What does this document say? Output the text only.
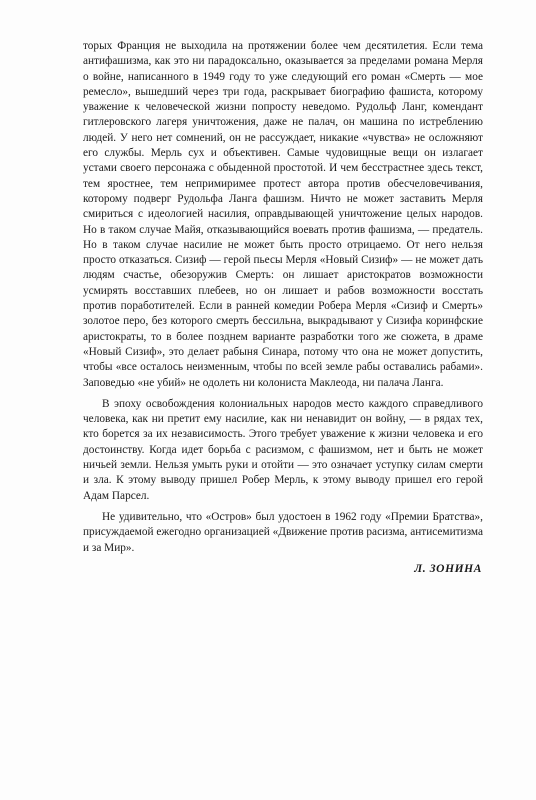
торых Франция не выходила на протяжении более чем десятилетия. Если тема антифашизма, как это ни парадоксально, оказывается за пределами романа Мерля о войне, написанного в 1949 году то уже следующий его роман «Смерть — мое ремесло», вышедший через три года, раскрывает биографию фашиста, которому уважение к человеческой жизни попросту неведомо. Рудольф Ланг, комендант гитлеровского лагеря уничтожения, даже не палач, он машина по истреблению людей. У него нет сомнений, он не рассуждает, никакие «чувства» не осложняют его службы. Мерль сух и объективен. Самые чудовищные вещи он излагает устами своего персонажа с обыденной простотой. И чем бесстрастнее здесь текст, тем яростнее, тем непримиримее протест автора против обесчеловечивания, которому подверг Рудольфа Ланга фашизм. Ничто не может заставить Мерля смириться с идеологией насилия, оправдывающей уничтожение целых народов. Но в таком случае Майя, отказывающийся воевать против фашизма, — предатель. Но в таком случае насилие не может быть просто отрицаемо. От него нельзя просто отказаться. Сизиф — герой пьесы Мерля «Новый Сизиф» — не может дать людям счастье, обезоружив Смерть: он лишает аристократов возможности усмирять восставших плебеев, но он лишает и рабов возможности восстать против поработителей. Если в ранней комедии Робера Мерля «Сизиф и Смерть» золотое перо, без которого смерть бессильна, выкрадывают у Сизифа коринфские аристократы, то в более позднем варианте разработки того же сюжета, в драме «Новый Сизиф», это делает рабыня Синара, потому что она не может допустить, чтобы «все осталось неизменным, чтобы по всей земле рабы оставались рабами». Заповедью «не убий» не одолеть ни колониста Маклеода, ни палача Ланга.

В эпоху освобождения колониальных народов место каждого справедливого человека, как ни претит ему насилие, как ни ненавидит он войну, — в рядах тех, кто борется за их независимость. Этого требует уважение к жизни человека и его достоинству. Когда идет борьба с расизмом, с фашизмом, нет и быть не может ничьей земли. Нельзя умыть руки и отойти — это означает уступку силам смерти и зла. К этому выводу пришел Робер Мерль, к этому выводу пришел его герой Адам Парсел.

Не удивительно, что «Остров» был удостоен в 1962 году «Премии Братства», присуждаемой ежегодно организацией «Движение против расизма, антисемитизма и за Мир».

Л. ЗОНИНА
